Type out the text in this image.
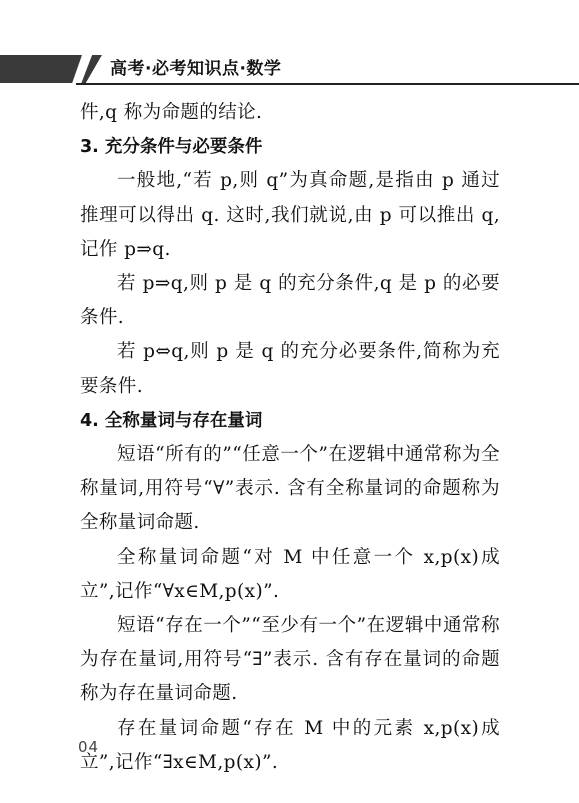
高考·必考知识点·数学

件,q 称为命题的结论.

3. 充分条件与必要条件

一般地,“若 p,则 q”为真命题,是指由 p 通过推理可以得出 q. 这时,我们就说,由 p 可以推出 q,记作 p⇒q.

若 p⇒q,则 p 是 q 的充分条件,q 是 p 的必要条件.

若 p⇔q,则 p 是 q 的充分必要条件,简称为充要条件.

4. 全称量词与存在量词

短语“所有的”“任意一个”在逻辑中通常称为全称量词,用符号“∀”表示. 含有全称量词的命题称为全称量词命题.

全称量词命题“对 M 中任意一个 x,p(x)成立”,记作“∀x∈M,p(x)”.

短语“存在一个”“至少有一个”在逻辑中通常称为存在量词,用符号“∃”表示. 含有存在量词的命题称为存在量词命题.

存在量词命题“存在 M 中的元素 x,p(x)成立”,记作“∃x∈M,p(x)”.

04
